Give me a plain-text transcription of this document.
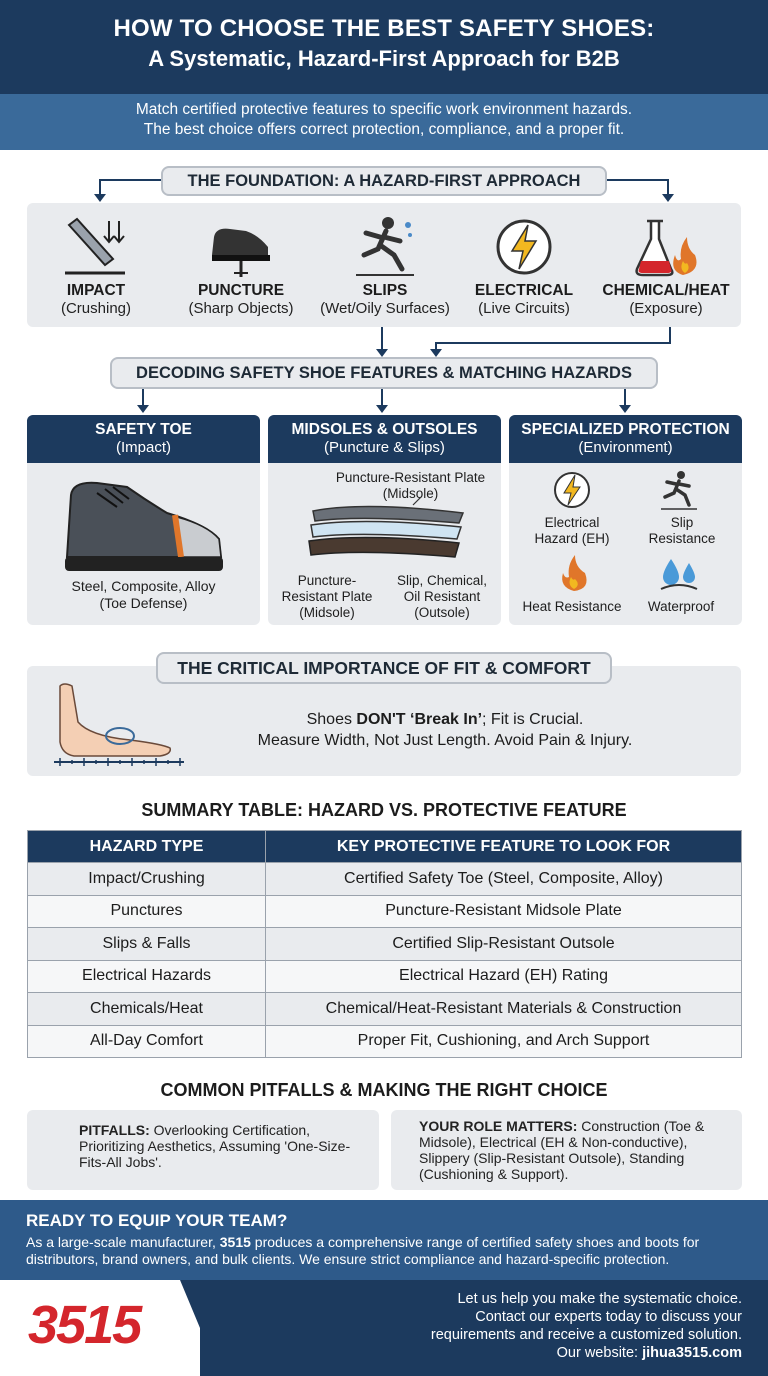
HOW TO CHOOSE THE BEST SAFETY SHOES:
A Systematic, Hazard-First Approach for B2B
Match certified protective features to specific work environment hazards.
The best choice offers correct protection, compliance, and a proper fit.
THE FOUNDATION: A HAZARD-FIRST APPROACH
IMPACT
(Crushing)
PUNCTURE
(Sharp Objects)
SLIPS
(Wet/Oily Surfaces)
ELECTRICAL
(Live Circuits)
CHEMICAL/HEAT
(Exposure)
DECODING SAFETY SHOE FEATURES & MATCHING HAZARDS
SAFETY TOE
(Impact)
Steel, Composite, Alloy
(Toe Defense)
MIDSOLES & OUTSOLES
(Puncture & Slips)
Puncture-Resistant Plate
(Midsole)
Puncture-
Resistant Plate
(Midsole)
Slip, Chemical,
Oil Resistant
(Outsole)
SPECIALIZED PROTECTION
(Environment)
Electrical
Hazard (EH)
Slip
Resistance
Heat Resistance	Waterproof
THE CRITICAL IMPORTANCE OF FIT & COMFORT
Shoes DON'T ‘Break In’; Fit is Crucial.
Measure Width, Not Just Length. Avoid Pain & Injury.
SUMMARY TABLE: HAZARD VS. PROTECTIVE FEATURE
HAZARD TYPE	KEY PROTECTIVE FEATURE TO LOOK FOR
Impact/Crushing	Certified Safety Toe (Steel, Composite, Alloy)
Punctures	Puncture-Resistant Midsole Plate
Slips & Falls	Certified Slip-Resistant Outsole
Electrical Hazards	Electrical Hazard (EH) Rating
Chemicals/Heat	Chemical/Heat-Resistant Materials & Construction
All-Day Comfort	Proper Fit, Cushioning, and Arch Support
COMMON PITFALLS & MAKING THE RIGHT CHOICE
PITFALLS: Overlooking Certification, Prioritizing Aesthetics, Assuming 'One-Size-Fits-All Jobs'.
YOUR ROLE MATTERS: Construction (Toe & Midsole), Electrical (EH & Non-conductive), Slippery (Slip-Resistant Outsole), Standing (Cushioning & Support).
READY TO EQUIP YOUR TEAM?
As a large-scale manufacturer, 3515 produces a comprehensive range of certified safety shoes and boots for distributors, brand owners, and bulk clients. We ensure strict compliance and hazard-specific protection.
3515	Let us help you make the systematic choice.
Contact our experts today to discuss your
requirements and receive a customized solution.
Our website: jihua3515.com
